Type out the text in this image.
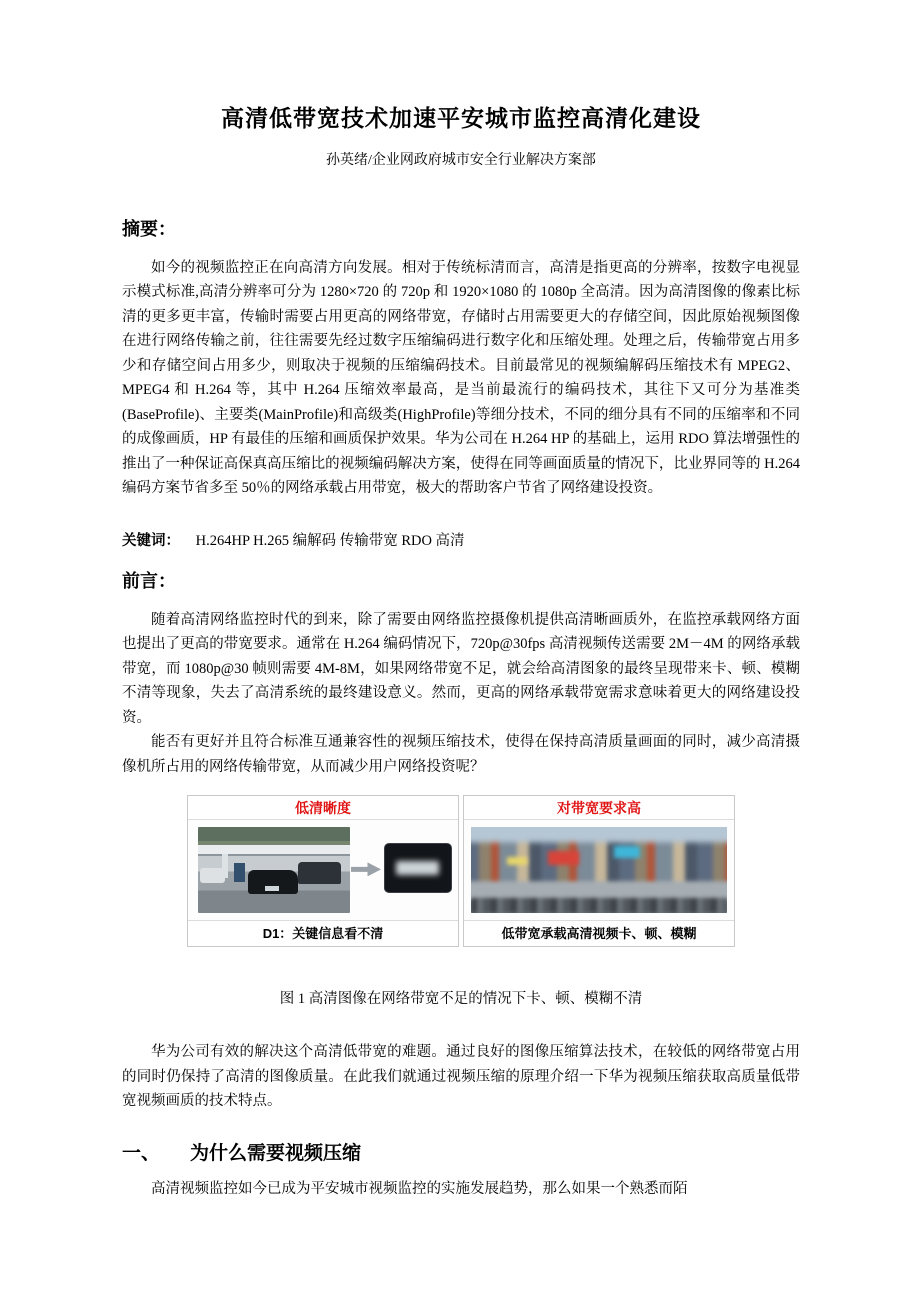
高清低带宽技术加速平安城市监控高清化建设
孙英绪/企业网政府城市安全行业解决方案部
摘要：

如今的视频监控正在向高清方向发展。相对于传统标清而言，高清是指更高的分辨率，按数字电视显示模式标准,高清分辨率可分为 1280×720 的 720p 和 1920×1080 的 1080p 全高清。因为高清图像的像素比标清的更多更丰富，传输时需要占用更高的网络带宽，存储时占用需要更大的存储空间，因此原始视频图像在进行网络传输之前，往往需要先经过数字压缩编码进行数字化和压缩处理。处理之后，传输带宽占用多少和存储空间占用多少，则取决于视频的压缩编码技术。目前最常见的视频编解码压缩技术有 MPEG2、MPEG4 和 H.264 等，其中 H.264 压缩效率最高，是当前最流行的编码技术，其往下又可分为基准类(BaseProfile)、主要类(MainProfile)和高级类(HighProfile)等细分技术，不同的细分具有不同的压缩率和不同的成像画质，HP 有最佳的压缩和画质保护效果。华为公司在 H.264 HP 的基础上，运用 RDO 算法增强性的推出了一种保证高保真高压缩比的视频编码解决方案，使得在同等画面质量的情况下，比业界同等的 H.264 编码方案节省多至 50％的网络承载占用带宽，极大的帮助客户节省了网络建设投资。

关键词： H.264HP H.265 编解码 传输带宽 RDO 高清

前言：

随着高清网络监控时代的到来，除了需要由网络监控摄像机提供高清晰画质外，在监控承载网络方面也提出了更高的带宽要求。通常在 H.264 编码情况下，720p@30fps 高清视频传送需要 2M－4M 的网络承载带宽，而 1080p@30 帧则需要 4M-8M，如果网络带宽不足，就会给高清图象的最终呈现带来卡、顿、模糊不清等现象，失去了高清系统的最终建设意义。然而，更高的网络承载带宽需求意味着更大的网络建设投资。

能否有更好并且符合标准互通兼容性的视频压缩技术，使得在保持高清质量画面的同时，减少高清摄像机所占用的网络传输带宽，从而减少用户网络投资呢？

低清晰度
D1：关键信息看不清
对带宽要求高
低带宽承载高清视频卡、顿、模糊
图 1 高清图像在网络带宽不足的情况下卡、顿、模糊不清

华为公司有效的解决这个高清低带宽的难题。通过良好的图像压缩算法技术，在较低的网络带宽占用的同时仍保持了高清的图像质量。在此我们就通过视频压缩的原理介绍一下华为视频压缩获取高质量低带宽视频画质的技术特点。

一、 为什么需要视频压缩

高清视频监控如今已成为平安城市视频监控的实施发展趋势，那么如果一个熟悉而陌
